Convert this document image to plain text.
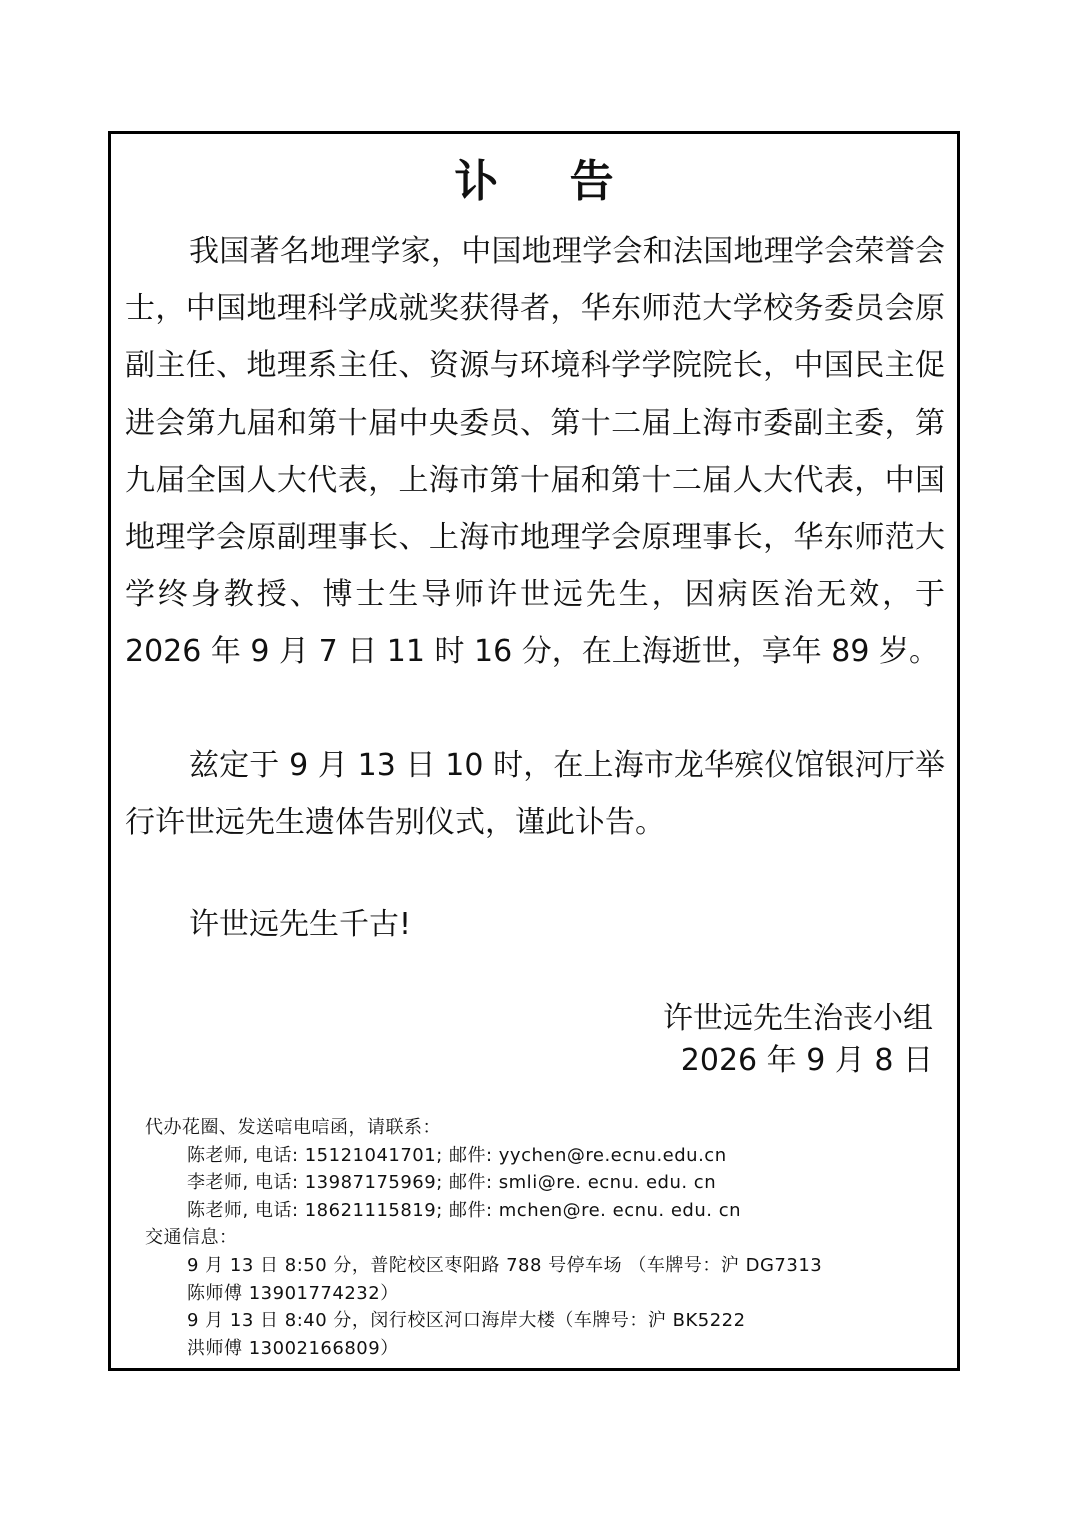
讣 告

我国著名地理学家，中国地理学会和法国地理学会荣誉会士，中国地理科学成就奖获得者，华东师范大学校务委员会原副主任、地理系主任、资源与环境科学学院院长，中国民主促进会第九届和第十届中央委员、第十二届上海市委副主委，第九届全国人大代表，上海市第十届和第十二届人大代表，中国地理学会原副理事长、上海市地理学会原理事长，华东师范大学终身教授、博士生导师许世远先生，因病医治无效，于 2026 年 9 月 7 日 11 时 16 分，在上海逝世，享年 89 岁。

兹定于 9 月 13 日 10 时，在上海市龙华殡仪馆银河厅举行许世远先生遗体告别仪式，谨此讣告。

许世远先生千古!
许世远先生治丧小组
2026 年 9 月 8 日
代办花圈、发送唁电唁函，请联系：
陈老师, 电话: 15121041701; 邮件: yychen@re.ecnu.edu.cn
李老师, 电话: 13987175969; 邮件: smli@re. ecnu. edu. cn
陈老师, 电话: 18621115819; 邮件: mchen@re. ecnu. edu. cn
交通信息：
9 月 13 日 8:50 分，普陀校区枣阳路 788 号停车场 （车牌号：沪 DG7313
陈师傅 13901774232）
9 月 13 日 8:40 分，闵行校区河口海岸大楼（车牌号：沪 BK5222
洪师傅 13002166809）
